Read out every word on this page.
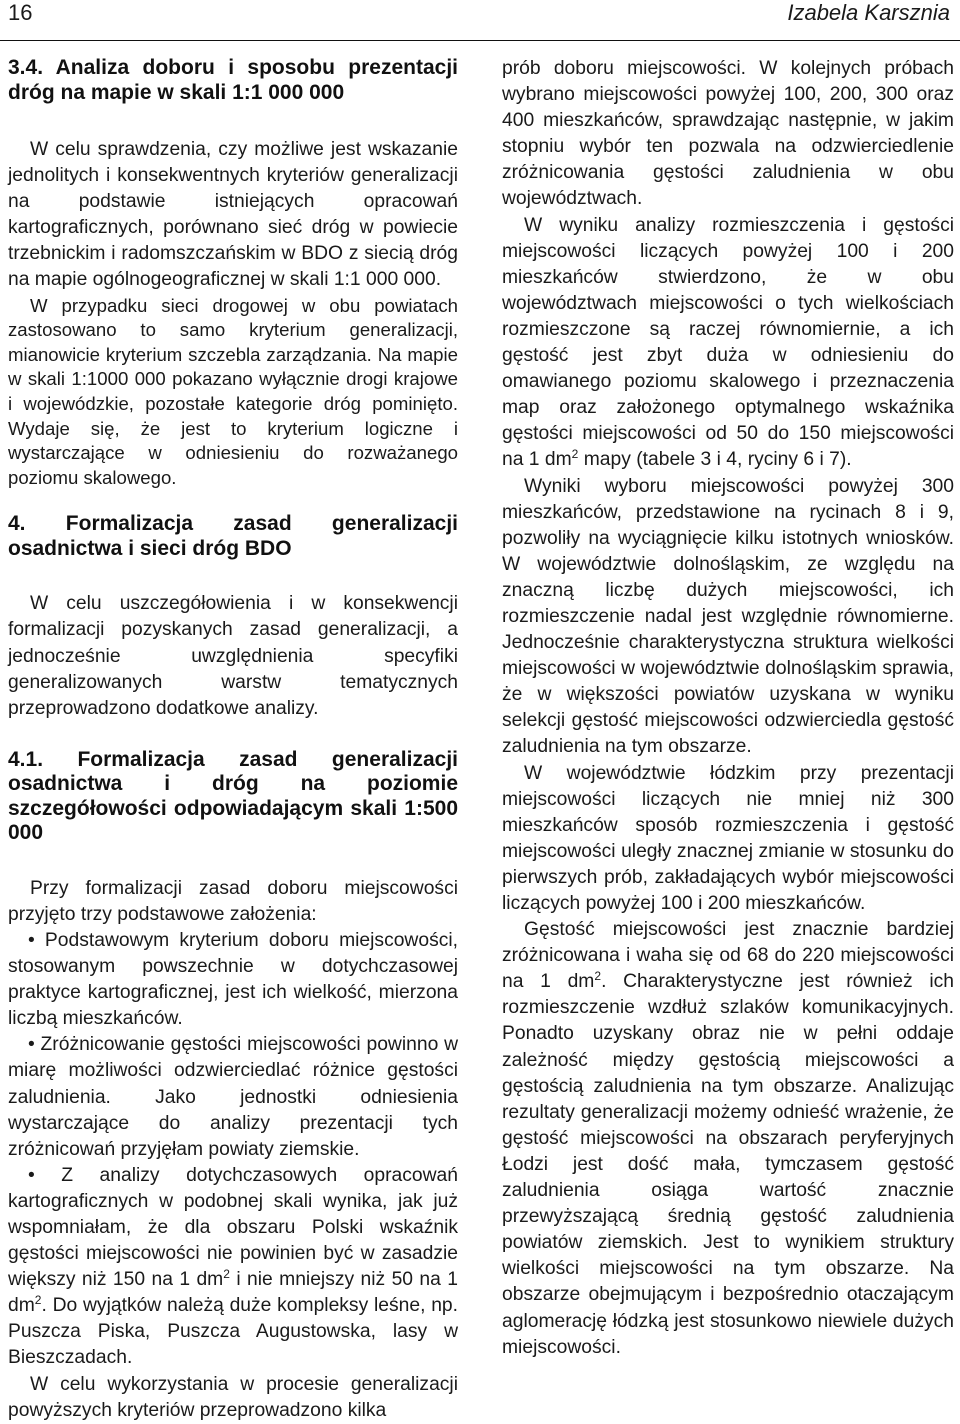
16	Izabela Karsznia
3.4. Analiza doboru i sposobu prezentacji dróg na mapie w skali 1:1 000 000

W celu sprawdzenia, czy możliwe jest wskazanie jednolitych i konsekwentnych kryteriów generalizacji na podstawie istniejących opracowań kartograficznych, porównano sieć dróg w powiecie trzebnickim i radomszczańskim w BDO z siecią dróg na mapie ogólnogeograficznej w skali 1:1 000 000.

W przypadku sieci drogowej w obu powiatach zastosowano to samo kryterium generalizacji, mianowicie kryterium szczebla zarządzania. Na mapie w skali 1:1000 000 pokazano wyłącznie drogi krajowe i wojewódzkie, pozostałe kategorie dróg pominięto. Wydaje się, że jest to kryterium logiczne i wystarczające w odniesieniu do rozważanego poziomu skalowego.

4. Formalizacja zasad generalizacji osadnictwa i sieci dróg BDO

W celu uszczegółowienia i w konsekwencji formalizacji pozyskanych zasad generalizacji, a jednocześnie uwzględnienia specyfiki generalizowanych warstw tematycznych przeprowadzono dodatkowe analizy.

4.1. Formalizacja zasad generalizacji osadnictwa i dróg na poziomie szczegółowości odpowiadającym skali 1:500 000

Przy formalizacji zasad doboru miejscowości przyjęto trzy podstawowe założenia:

• Podstawowym kryterium doboru miejscowości, stosowanym powszechnie w dotychczasowej praktyce kartograficznej, jest ich wielkość, mierzona liczbą mieszkańców.

• Zróżnicowanie gęstości miejscowości powinno w miarę możliwości odzwierciedlać różnice gęstości zaludnienia. Jako jednostki odniesienia wystarczające do analizy prezentacji tych zróżnicowań przyjęłam powiaty ziemskie.

• Z analizy dotychczasowych opracowań kartograficznych w podobnej skali wynika, jak już wspomniałam, że dla obszaru Polski wskaźnik gęstości miejscowości nie powinien być w zasadzie większy niż 150 na 1 $dm^2$ i nie mniejszy niż 50 na 1 $dm^2$. Do wyjątków należą duże kompleksy leśne, np. Puszcza Piska, Puszcza Augustowska, lasy w Bieszczadach.

W celu wykorzystania w procesie generalizacji powyższych kryteriów przeprowadzono kilka

prób doboru miejscowości. W kolejnych próbach wybrano miejscowości powyżej 100, 200, 300 oraz 400 mieszkańców, sprawdzając następnie, w jakim stopniu wybór ten pozwala na odzwierciedlenie zróżnicowania gęstości zaludnienia w obu województwach.

W wyniku analizy rozmieszczenia i gęstości miejscowości liczących powyżej 100 i 200 mieszkańców stwierdzono, że w obu województwach miejscowości o tych wielkościach rozmieszczone są raczej równomiernie, a ich gęstość jest zbyt duża w odniesieniu do omawianego poziomu skalowego i przeznaczenia map oraz założonego optymalnego wskaźnika gęstości miejscowości od 50 do 150 miejscowości na 1 $dm^2$ mapy (tabele 3 i 4, ryciny 6 i 7).

Wyniki wyboru miejscowości powyżej 300 mieszkańców, przedstawione na rycinach 8 i 9, pozwoliły na wyciągnięcie kilku istotnych wniosków. W województwie dolnośląskim, ze względu na znaczną liczbę dużych miejscowości, ich rozmieszczenie nadal jest względnie równomierne. Jednocześnie charakterystyczna struktura wielkości miejscowości w województwie dolnośląskim sprawia, że w większości powiatów uzyskana w wyniku selekcji gęstość miejscowości odzwierciedla gęstość zaludnienia na tym obszarze.

W województwie łódzkim przy prezentacji miejscowości liczących nie mniej niż 300 mieszkańców sposób rozmieszczenia i gęstość miejscowości uległy znacznej zmianie w stosunku do pierwszych prób, zakładających wybór miejscowości liczących powyżej 100 i 200 mieszkańców.

Gęstość miejscowości jest znacznie bardziej zróżnicowana i waha się od 68 do 220 miejscowości na 1 $dm^2$. Charakterystyczne jest również ich rozmieszczenie wzdłuż szlaków komunikacyjnych. Ponadto uzyskany obraz nie w pełni oddaje zależność między gęstością miejscowości a gęstością zaludnienia na tym obszarze. Analizując rezultaty generalizacji możemy odnieść wrażenie, że gęstość miejscowości na obszarach peryferyjnych Łodzi jest dość mała, tymczasem gęstość zaludnienia osiąga wartość znacznie przewyższającą średnią gęstość zaludnienia powiatów ziemskich. Jest to wynikiem struktury wielkości miejscowości na tym obszarze. Na obszarze obejmującym i bezpośrednio otaczającym aglomerację łódzką jest stosunkowo niewiele dużych miejscowości.
